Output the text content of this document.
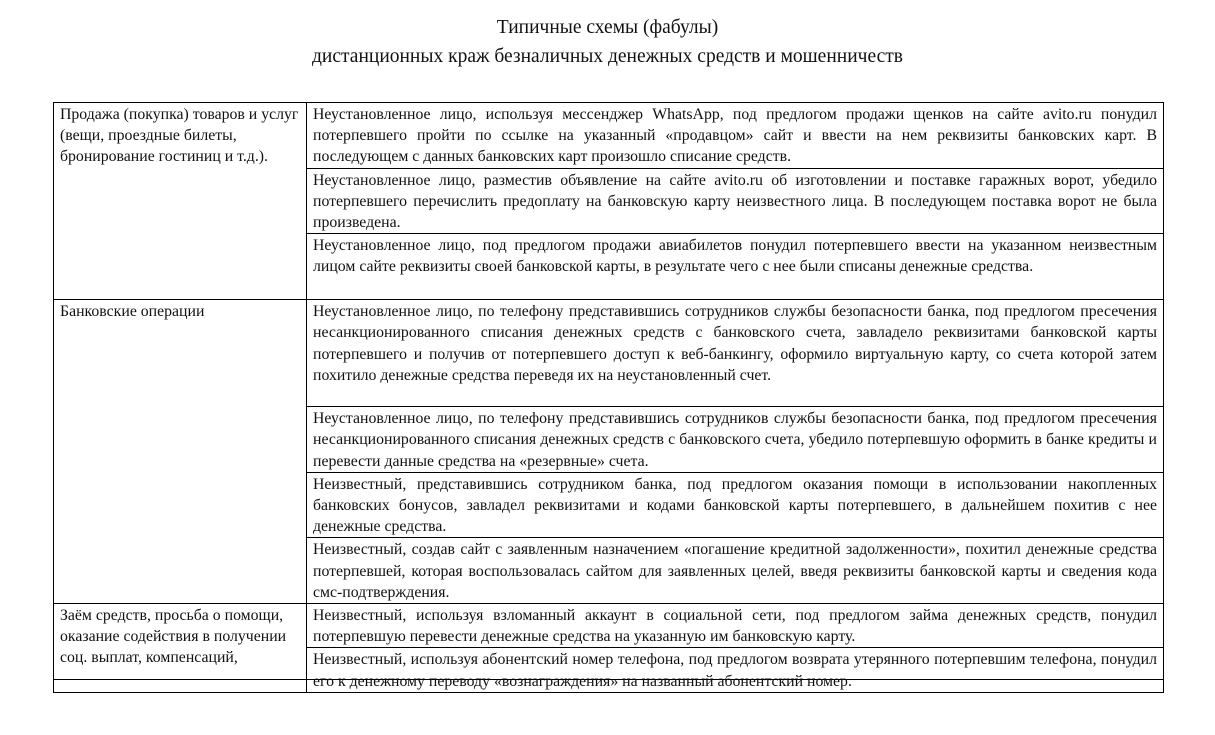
Типичные схемы (фабулы)
дистанционных краж безналичных денежных средств и мошенничеств
Продажа (покупка) товаров и услуг (вещи, проездные билеты, бронирование гостиниц и т.д.).	Неустановленное лицо, используя мессенджер WhatsApp, под предлогом продажи щенков на сайте avito.ru понудил потерпевшего пройти по ссылке на указанный «продавцом» сайт и ввести на нем реквизиты банковских карт. В последующем с данных банковских карт произошло списание средств.
	Неустановленное лицо, разместив объявление на сайте avito.ru об изготовлении и поставке гаражных ворот, убедило потерпевшего перечислить предоплату на банковскую карту неизвестного лица. В последующем поставка ворот не была произведена.
	Неустановленное лицо, под предлогом продажи авиабилетов понудил потерпевшего ввести на указанном неизвестным лицом сайте реквизиты своей банковской карты, в результате чего с нее были списаны денежные средства.
Банковские операции	Неустановленное лицо, по телефону представившись сотрудников службы безопасности банка, под предлогом пресечения несанкционированного списания денежных средств с банковского счета, завладело реквизитами банковской карты потерпевшего и получив от потерпевшего доступ к веб-банкингу, оформило виртуальную карту, со счета которой затем похитило денежные средства переведя их на неустановленный счет.
	Неустановленное лицо, по телефону представившись сотрудников службы безопасности банка, под предлогом пресечения несанкционированного списания денежных средств с банковского счета, убедило потерпевшую оформить в банке кредиты и перевести данные средства на «резервные» счета.
	Неизвестный, представившись сотрудником банка, под предлогом оказания помощи в использовании накопленных банковских бонусов, завладел реквизитами и кодами банковской карты потерпевшего, в дальнейшем похитив с нее денежные средства.
	Неизвестный, создав сайт с заявленным назначением «погашение кредитной задолженности», похитил денежные средства потерпевшей, которая воспользовалась сайтом для заявленных целей, введя реквизиты банковской карты и сведения кода смс-подтверждения.
Заём средств, просьба о помощи, оказание содействия в получении соц. выплат, компенсаций,	Неизвестный, используя взломанный аккаунт в социальной сети, под предлогом займа денежных средств, понудил потерпевшую перевести денежные средства на указанную им банковскую карту.
	Неизвестный, используя абонентский номер телефона, под предлогом возврата утерянного потерпевшим телефона, понудил его к денежному переводу «вознаграждения» на названный абонентский номер.
